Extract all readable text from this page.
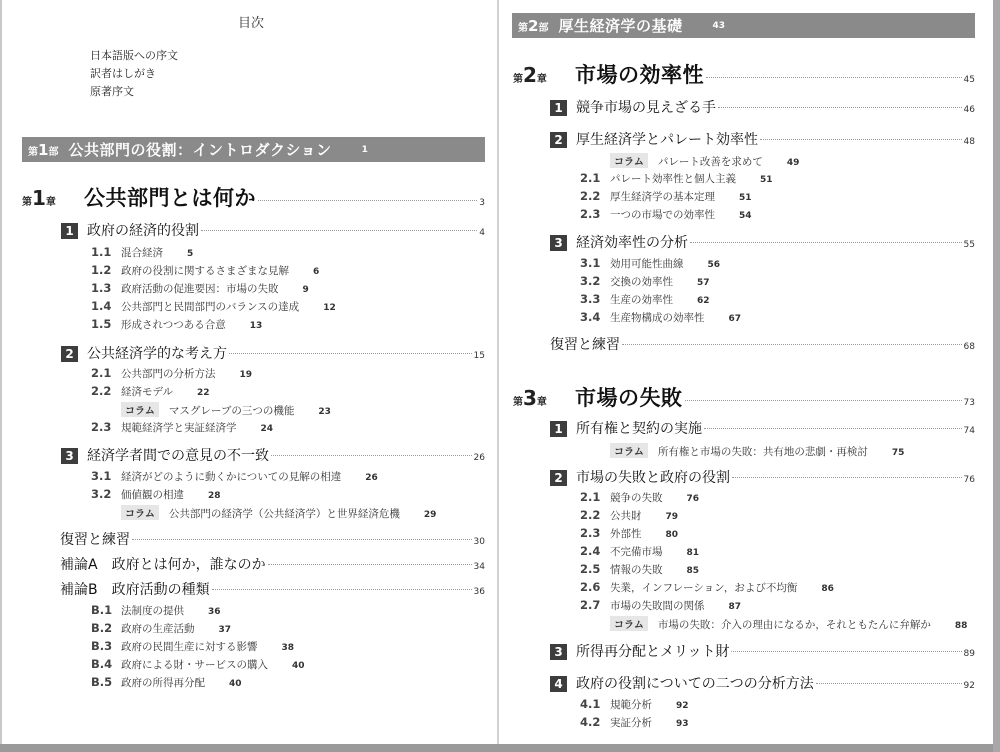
目次
日本語版への序文
訳者はしがき
原著序文
第1部 公共部門の役割：イントロダクション	1
第1章	公共部門とは何か	3
1 政府の経済的役割	4
1.1 混合経済	5
1.2 政府の役割に関するさまざまな見解	6
1.3 政府活動の促進要因：市場の失敗	9
1.4 公共部門と民間部門のバランスの達成	12
1.5 形成されつつある合意	13
2 公共経済学的な考え方	15
2.1 公共部門の分析方法	19
2.2 経済モデル	22
コラム マスグレーブの三つの機能	23
2.3 規範経済学と実証経済学	24
3 経済学者間での意見の不一致	26
3.1 経済がどのように動くかについての見解の相違	26
3.2 価値観の相違	28
コラム 公共部門の経済学（公共経済学）と世界経済危機	29
復習と練習	30
補論A　政府とは何か，誰なのか	34
補論B　政府活動の種類	36
B.1 法制度の提供	36
B.2 政府の生産活動	37
B.3 政府の民間生産に対する影響	38
B.4 政府による財・サービスの購入	40
B.5 政府の所得再分配	40
第2部 厚生経済学の基礎	43
第2章	市場の効率性	45
1 競争市場の見えざる手	46
2 厚生経済学とパレート効率性	48
コラム パレート改善を求めて	49
2.1 パレート効率性と個人主義	51
2.2 厚生経済学の基本定理	51
2.3 一つの市場での効率性	54
3 経済効率性の分析	55
3.1 効用可能性曲線	56
3.2 交換の効率性	57
3.3 生産の効率性	62
3.4 生産物構成の効率性	67
復習と練習	68
第3章	市場の失敗	73
1 所有権と契約の実施	74
コラム 所有権と市場の失敗：共有地の悲劇・再検討	75
2 市場の失敗と政府の役割	76
2.1 競争の失敗	76
2.2 公共財	79
2.3 外部性	80
2.4 不完備市場	81
2.5 情報の失敗	85
2.6 失業，インフレーション，および不均衡	86
2.7 市場の失敗間の関係	87
コラム 市場の失敗：介入の理由になるか，それともたんに弁解か	88
3 所得再分配とメリット財	89
4 政府の役割についての二つの分析方法	92
4.1 規範分析	92
4.2 実証分析	93
